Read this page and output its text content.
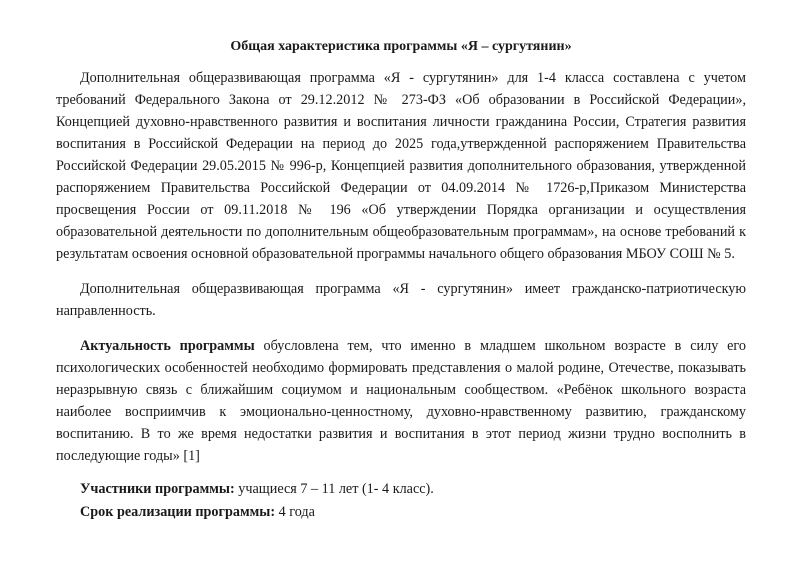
Общая характеристика программы «Я – сургутянин»

Дополнительная общеразвивающая программа «Я - сургутянин» для 1-4 класса составлена с учетом требований Федерального Закона от 29.12.2012 № 273-ФЗ «Об образовании в Российской Федерации», Концепцией духовно-нравственного развития и воспитания личности гражданина России, Стратегия развития воспитания в Российской Федерации на период до 2025 года,утвержденной распоряжением Правительства Российской Федерации 29.05.2015 № 996-р, Концепцией развития дополнительного образования, утвержденной распоряжением Правительства Российской Федерации от 04.09.2014 № 1726-р,Приказом Министерства просвещения России от 09.11.2018 № 196 «Об утверждении Порядка организации и осуществления образовательной деятельности по дополнительным общеобразовательным программам», на основе требований к результатам освоения основной образовательной программы начального общего образования МБОУ СОШ № 5.

Дополнительная общеразвивающая программа «Я - сургутянин» имеет гражданско-патриотическую направленность.

Актуальность программы обусловлена тем, что именно в младшем школьном возрасте в силу его психологических особенностей необходимо формировать представления о малой родине, Отечестве, показывать неразрывную связь с ближайшим социумом и национальным сообществом. «Ребёнок школьного возраста наиболее восприимчив к эмоционально-ценностному, духовно-нравственному развитию, гражданскому воспитанию. В то же время недостатки развития и воспитания в этот период жизни трудно восполнить в последующие годы» [1]

Участники программы: учащиеся 7 – 11 лет (1- 4 класс).

Срок реализации программы: 4 года
